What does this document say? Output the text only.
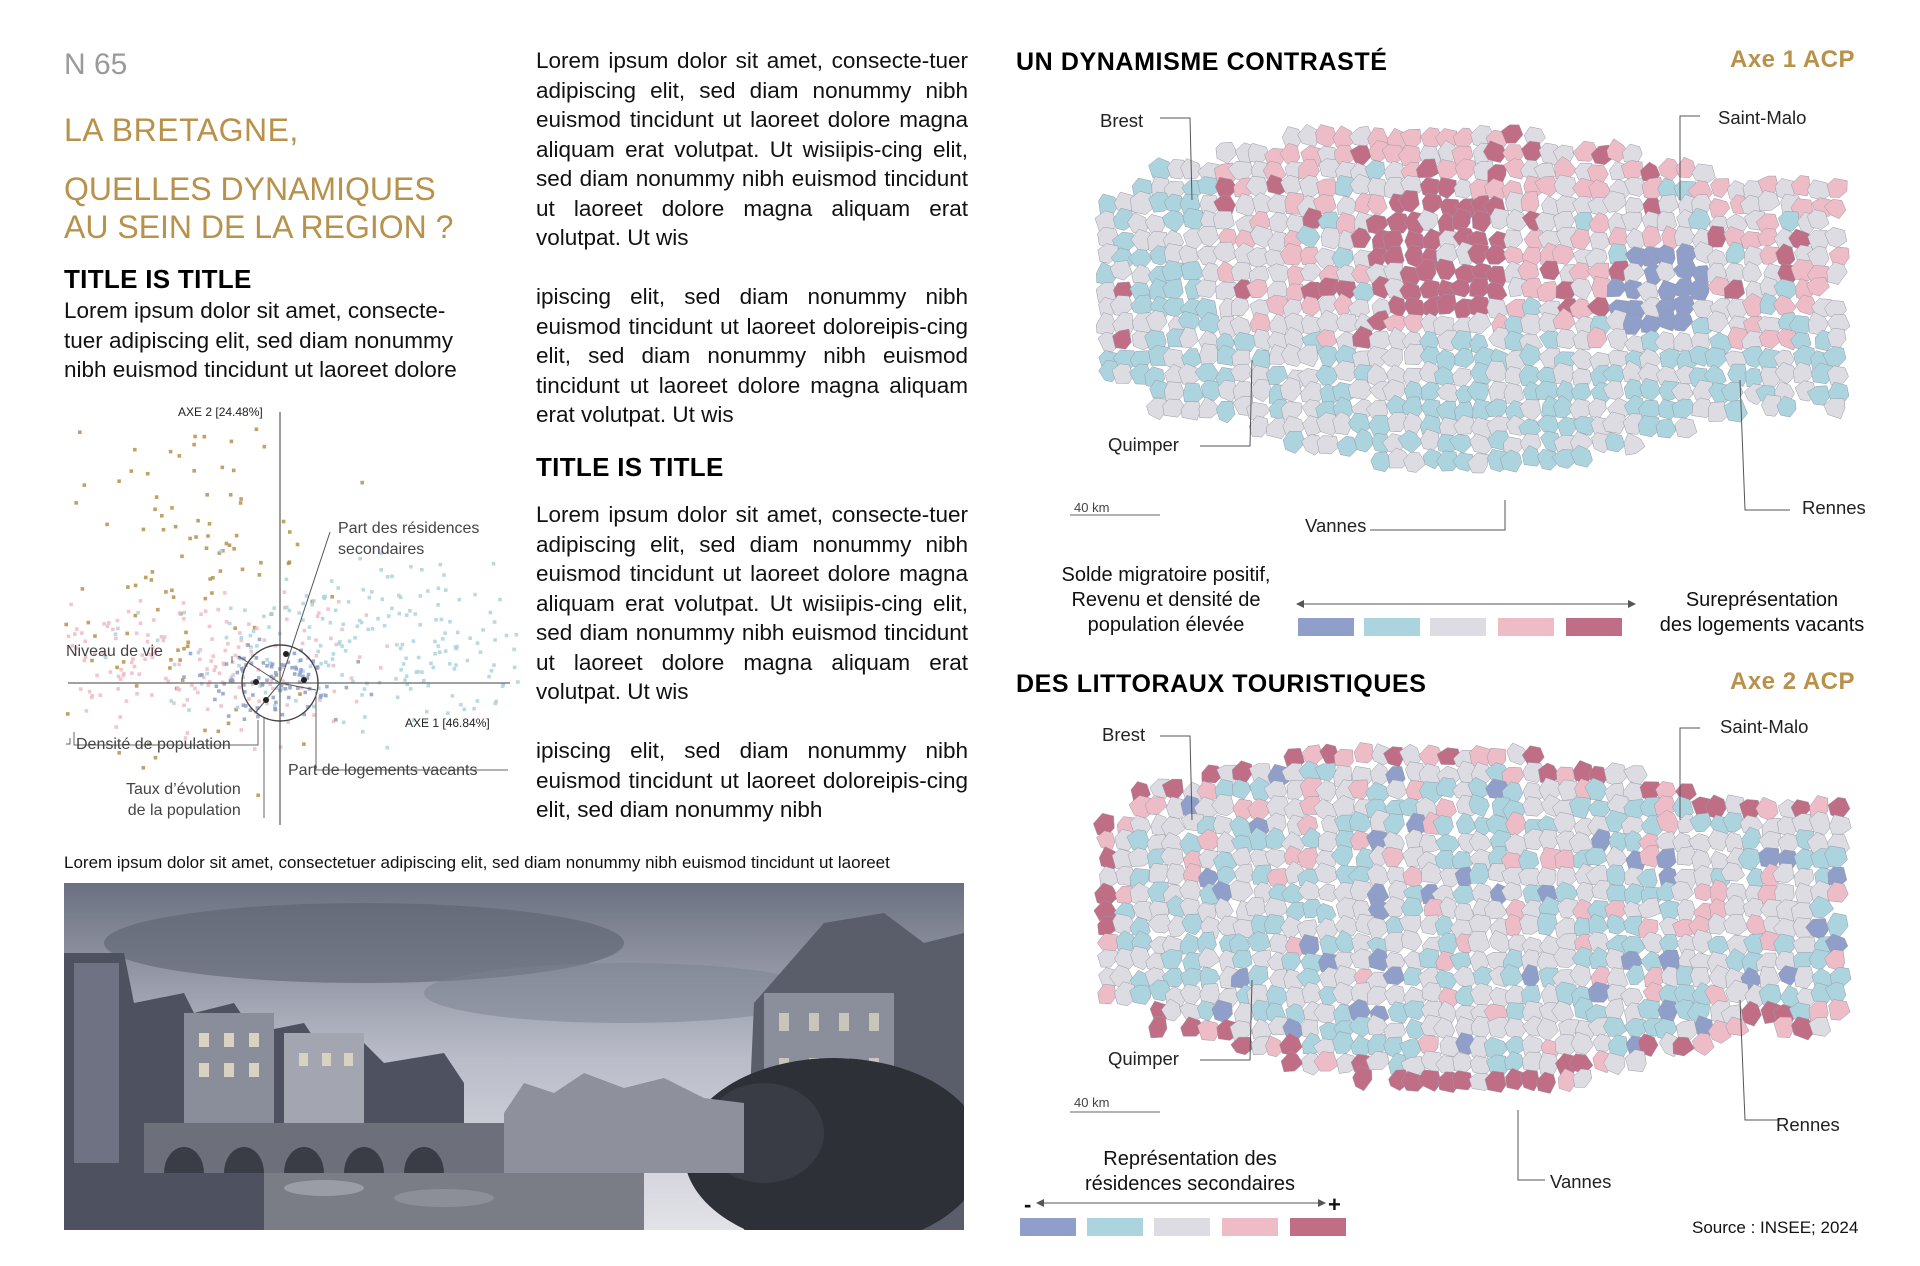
N 65
LA BRETAGNE,
QUELLES DYNAMIQUES
AU SEIN DE LA REGION ?
TITLE IS TITLE
Lorem ipsum dolor sit amet, consecte-
tuer adipiscing elit, sed diam nonummy
nibh euismod tincidunt ut laoreet dolore
AXE 2 [24.48%]
AXE 1 [46.84%]
Part des résidences
secondaires
Niveau de vie
Densité de population
Taux d’évolution
de la population
Part de logements vacants
Lorem ipsum dolor sit amet, consecte-tuer adipiscing elit, sed diam nonummy nibh euismod tincidunt ut laoreet dolore magna aliquam erat volutpat. Ut wisiipis-cing elit, sed diam nonummy nibh euismod tincidunt ut laoreet dolore magna aliquam erat volutpat. Ut wis
ipiscing elit, sed diam nonummy nibh euismod tincidunt ut laoreet doloreipis-cing elit, sed diam nonummy nibh euismod tincidunt ut laoreet dolore magna aliquam erat volutpat. Ut wis
TITLE IS TITLE
Lorem ipsum dolor sit amet, consecte-tuer adipiscing elit, sed diam nonummy nibh euismod tincidunt ut laoreet dolore magna aliquam erat volutpat. Ut wisiipis-cing elit, sed diam nonummy nibh euismod tincidunt ut laoreet dolore magna aliquam erat volutpat. Ut wis
ipiscing elit, sed diam nonummy nibh euismod tincidunt ut laoreet doloreipis-cing elit, sed diam nonummy nibh
Lorem ipsum dolor sit amet, consectetuer adipiscing elit, sed diam nonummy nibh euismod tincidunt ut laoreet
UN DYNAMISME CONTRASTÉ	Axe 1 ACP
Brest	Saint-Malo
Quimper
Vannes
Rennes
40 km
Solde migratoire positif,
Revenu et densité de
population élevée
Sureprésentation
des logements vacants
DES LITTORAUX TOURISTIQUES	Axe 2 ACP
Brest	Saint-Malo
Quimper
Vannes
Rennes
40 km
Représentation des
résidences secondaires
-	+
Source : INSEE; 2024
